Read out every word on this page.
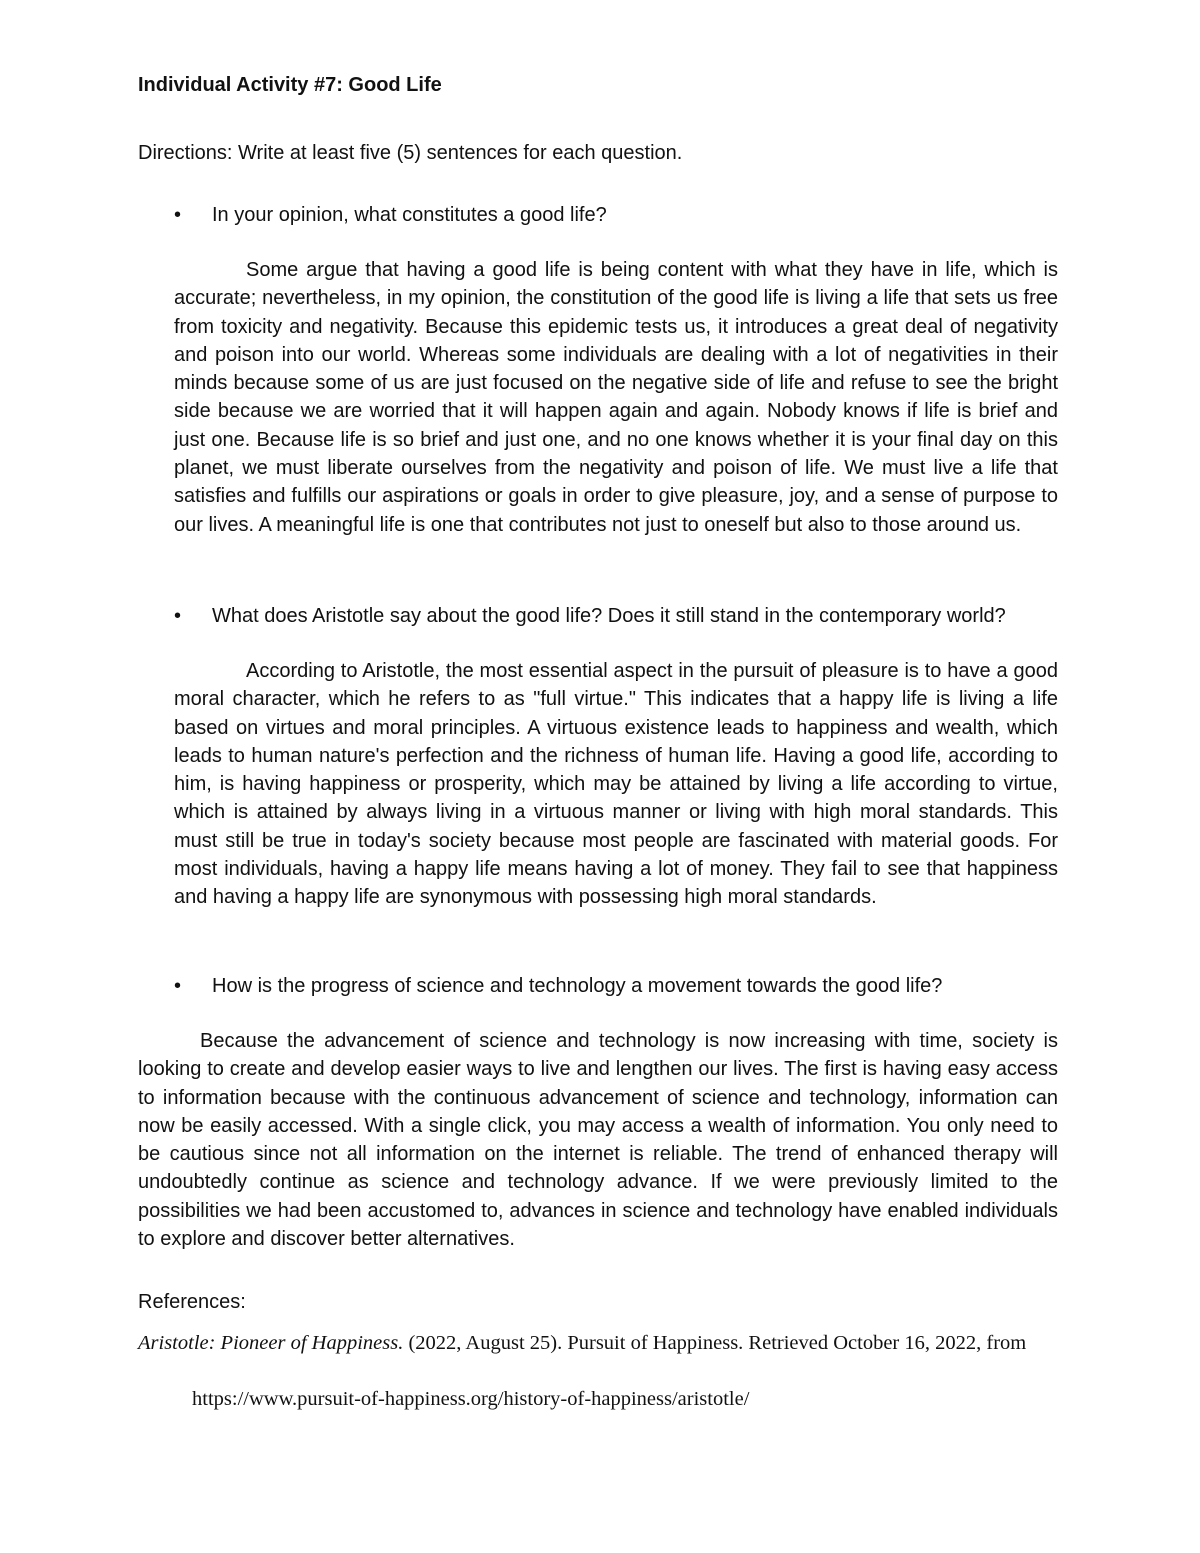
Individual Activity #7: Good Life
Directions: Write at least five (5) sentences for each question.
•	In your opinion, what constitutes a good life?

Some argue that having a good life is being content with what they have in life, which is accurate; nevertheless, in my opinion, the constitution of the good life is living a life that sets us free from toxicity and negativity. Because this epidemic tests us, it introduces a great deal of negativity and poison into our world. Whereas some individuals are dealing with a lot of negativities in their minds because some of us are just focused on the negative side of life and refuse to see the bright side because we are worried that it will happen again and again. Nobody knows if life is brief and just one. Because life is so brief and just one, and no one knows whether it is your final day on this planet, we must liberate ourselves from the negativity and poison of life. We must live a life that satisfies and fulfills our aspirations or goals in order to give pleasure, joy, and a sense of purpose to our lives. A meaningful life is one that contributes not just to oneself but also to those around us.

•	What does Aristotle say about the good life? Does it still stand in the contemporary world?

According to Aristotle, the most essential aspect in the pursuit of pleasure is to have a good moral character, which he refers to as "full virtue." This indicates that a happy life is living a life based on virtues and moral principles. A virtuous existence leads to happiness and wealth, which leads to human nature's perfection and the richness of human life. Having a good life, according to him, is having happiness or prosperity, which may be attained by living a life according to virtue, which is attained by always living in a virtuous manner or living with high moral standards. This must still be true in today's society because most people are fascinated with material goods. For most individuals, having a happy life means having a lot of money. They fail to see that happiness and having a happy life are synonymous with possessing high moral standards.

•	How is the progress of science and technology a movement towards the good life?

Because the advancement of science and technology is now increasing with time, society is looking to create and develop easier ways to live and lengthen our lives. The first is having easy access to information because with the continuous advancement of science and technology, information can now be easily accessed. With a single click, you may access a wealth of information. You only need to be cautious since not all information on the internet is reliable. The trend of enhanced therapy will undoubtedly continue as science and technology advance. If we were previously limited to the possibilities we had been accustomed to, advances in science and technology have enabled individuals to explore and discover better alternatives.

References:

Aristotle: Pioneer of Happiness. (2022, August 25). Pursuit of Happiness. Retrieved October 16, 2022, from https://www.pursuit-of-happiness.org/history-of-happiness/aristotle/
